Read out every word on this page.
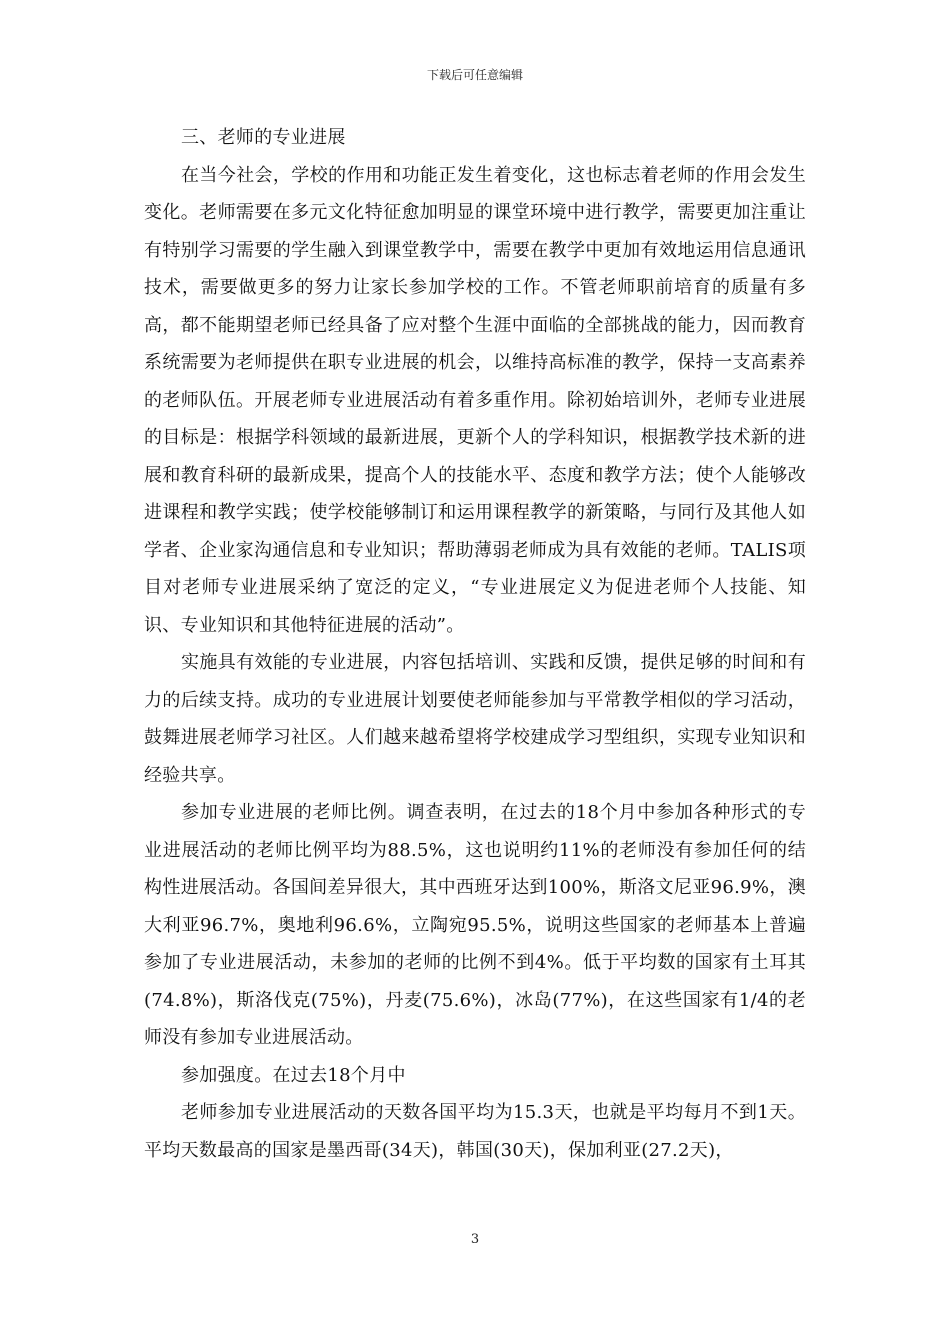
下载后可任意编辑

三、老师的专业进展

在当今社会，学校的作用和功能正发生着变化，这也标志着老师的作用会发生变化。老师需要在多元文化特征愈加明显的课堂环境中进行教学，需要更加注重让有特别学习需要的学生融入到课堂教学中，需要在教学中更加有效地运用信息通讯技术，需要做更多的努力让家长参加学校的工作。不管老师职前培育的质量有多高，都不能期望老师已经具备了应对整个生涯中面临的全部挑战的能力，因而教育系统需要为老师提供在职专业进展的机会，以维持高标准的教学，保持一支高素养的老师队伍。开展老师专业进展活动有着多重作用。除初始培训外，老师专业进展的目标是：根据学科领域的最新进展，更新个人的学科知识，根据教学技术新的进展和教育科研的最新成果，提高个人的技能水平、态度和教学方法；使个人能够改进课程和教学实践；使学校能够制订和运用课程教学的新策略，与同行及其他人如学者、企业家沟通信息和专业知识；帮助薄弱老师成为具有效能的老师。TALIS项目对老师专业进展采纳了宽泛的定义，“专业进展定义为促进老师个人技能、知识、专业知识和其他特征进展的活动”。

实施具有效能的专业进展，内容包括培训、实践和反馈，提供足够的时间和有力的后续支持。成功的专业进展计划要使老师能参加与平常教学相似的学习活动，鼓舞进展老师学习社区。人们越来越希望将学校建成学习型组织，实现专业知识和经验共享。

参加专业进展的老师比例。调查表明，在过去的18个月中参加各种形式的专业进展活动的老师比例平均为88.5%，这也说明约11%的老师没有参加任何的结构性进展活动。各国间差异很大，其中西班牙达到100%，斯洛文尼亚96.9%，澳大利亚96.7%，奥地利96.6%，立陶宛95.5%，说明这些国家的老师基本上普遍参加了专业进展活动，未参加的老师的比例不到4%。低于平均数的国家有土耳其(74.8%)，斯洛伐克(75%)，丹麦(75.6%)，冰岛(77%)，在这些国家有1/4的老师没有参加专业进展活动。

参加强度。在过去18个月中

老师参加专业进展活动的天数各国平均为15.3天，也就是平均每月不到1天。平均天数最高的国家是墨西哥(34天)，韩国(30天)，保加利亚(27.2天)，

3
